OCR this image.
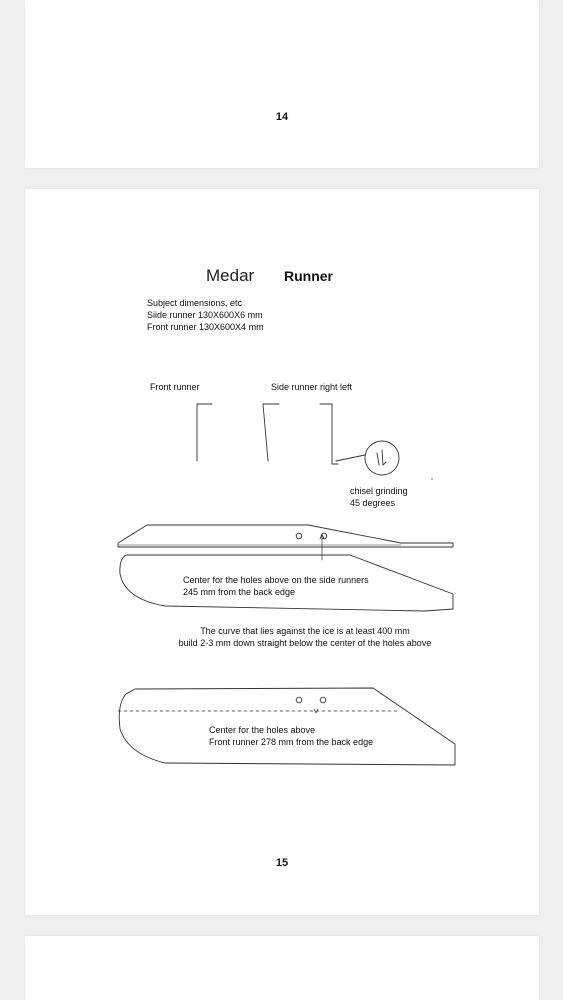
14
Medar Runner
Subject dimensions, etc
Siide runner 130X600X6 mm
Front runner 130X600X4 mm
Front runner	Side runner right left
chisel grinding
45 degrees
Center for the holes above on the side runners
245 mm from the back edge
The curve that lies against the ice is at least 400 mm
build 2-3 mm down straight below the center of the holes above
Center for the holes above
Front runner 278 mm from the back edge
15
